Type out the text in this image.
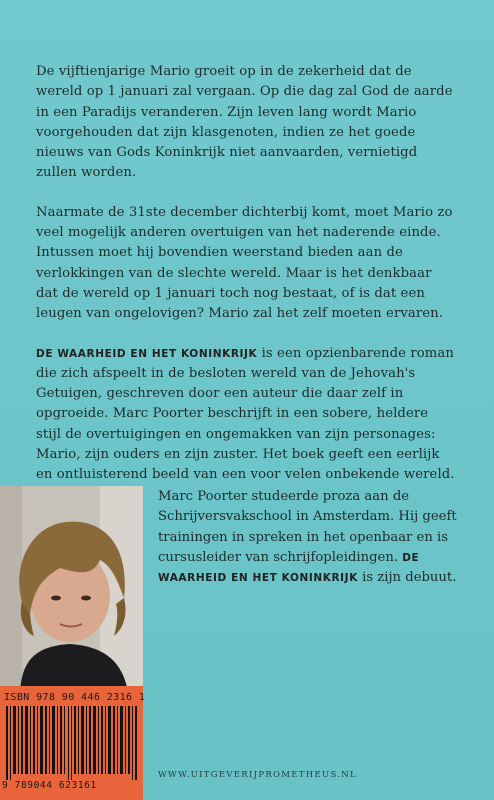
De vijftienjarige Mario groeit op in de zekerheid dat de wereld op 1 januari zal vergaan. Op die dag zal God de aarde in een Paradijs veranderen. Zijn leven lang wordt Mario voorgehouden dat zijn klasgenoten, indien ze het goede nieuws van Gods Koninkrijk niet aanvaarden, vernietigd zullen worden.

Naarmate de 31ste december dichterbij komt, moet Mario zo veel mogelijk anderen overtuigen van het naderende einde. Intussen moet hij bovendien weerstand bieden aan de verlokkingen van de slechte wereld. Maar is het denkbaar dat de wereld op 1 januari toch nog bestaat, of is dat een leugen van ongelovigen? Mario zal het zelf moeten ervaren.

DE WAARHEID EN HET KONINKRIJK is een opzienbarende roman die zich afspeelt in de besloten wereld van de Jehovah's Getuigen, geschreven door een auteur die daar zelf in opgroeide. Marc Poorter beschrijft in een sobere, heldere stijl de overtuigingen en ongemakken van zijn personages: Mario, zijn ouders en zijn zuster. Het boek geeft een eerlijk en ontluisterend beeld van een voor velen onbekende wereld.

Marc Poorter studeerde proza aan de Schrijversvakschool in Amsterdam. Hij geeft trainingen in spreken in het openbaar en is cursusleider van schrijfopleidingen. DE WAARHEID EN HET KONINKRIJK is zijn debuut.
ISBN 978 90 446 2316 1
9 789044 623161
WWW.UITGEVERIJPROMETHEUS.NL
